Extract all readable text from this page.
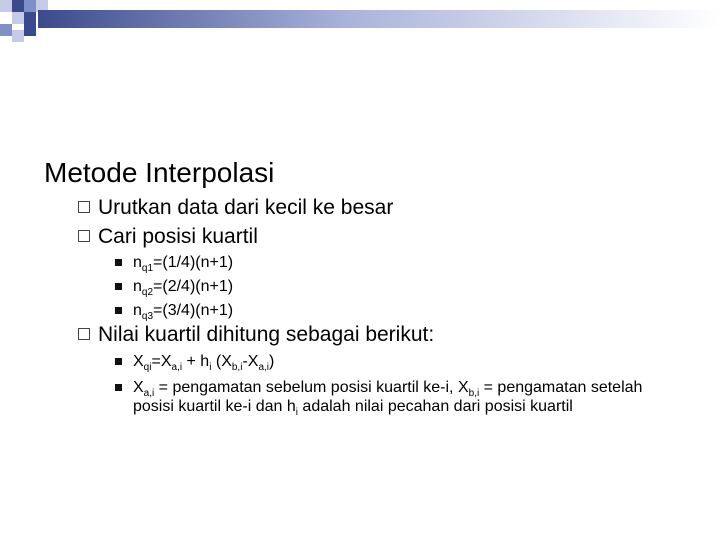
Metode Interpolasi
Urutkan data dari kecil ke besar
Cari posisi kuartil
$n_{q1}=(1/4)(n+1)$
$n_{q2}=(2/4)(n+1)$
$n_{q3}=(3/4)(n+1)$
Nilai kuartil dihitung sebagai berikut:
$X_{qi}=X_{a,i} + h_i$ $(X_{b,i}-X_{a,i})$
$X_{a,i}$ = pengamatan sebelum posisi kuartil ke-i, $X_{b,i}$ = pengamatan setelah posisi kuartil ke-i dan $h_i$ adalah nilai pecahan dari posisi kuartil
